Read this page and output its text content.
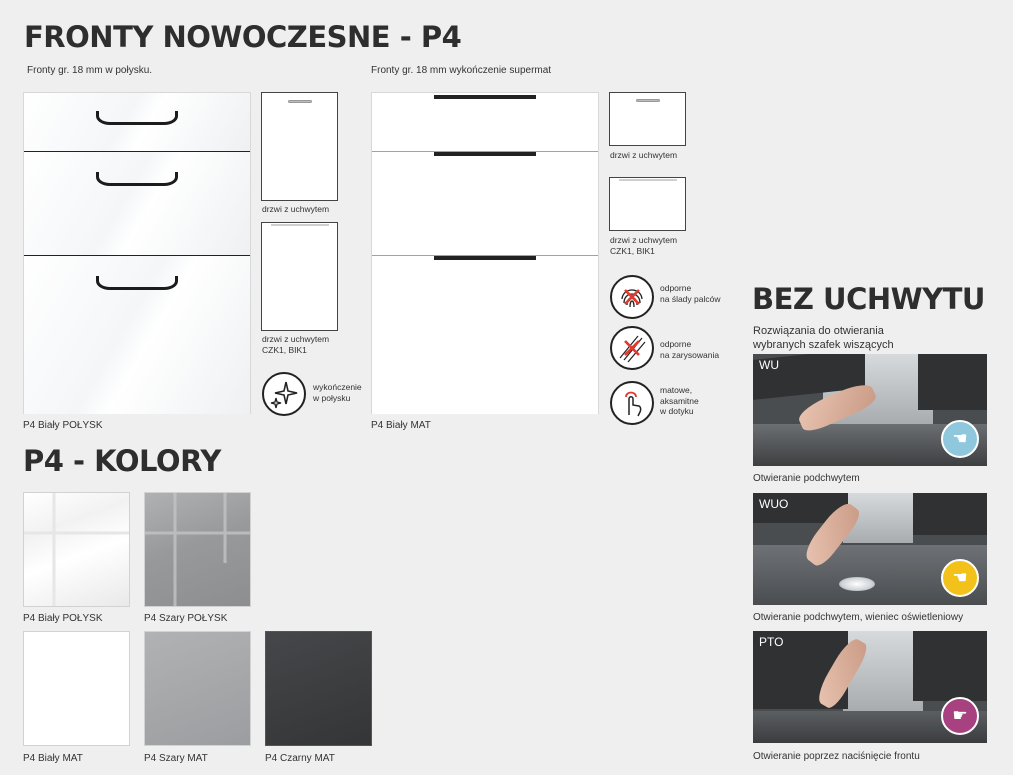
FRONTY NOWOCZESNE - P4
Fronty gr. 18 mm w połysku.
P4 Biały POŁYSK
drzwi z uchwytem
drzwi z uchwytem
CZK1, BIK1
wykończenie
w połysku
Fronty gr. 18 mm wykończenie supermat
P4 Biały MAT
drzwi z uchwytem
drzwi z uchwytem
CZK1, BIK1
odporne
na ślady palców
odporne
na zarysowania
matowe,
aksamitne
w dotyku
P4 - KOLORY
P4 Biały POŁYSK	P4 Szary POŁYSK
P4 Biały MAT	P4 Szary MAT	P4 Czarny MAT
BEZ UCHWYTU
Rozwiązania do otwierania
wybranych szafek wiszących
WU
☚
Otwieranie podchwytem
WUO
☚
Otwieranie podchwytem, wieniec oświetleniowy
PTO
☛
Otwieranie poprzez naciśnięcie frontu
